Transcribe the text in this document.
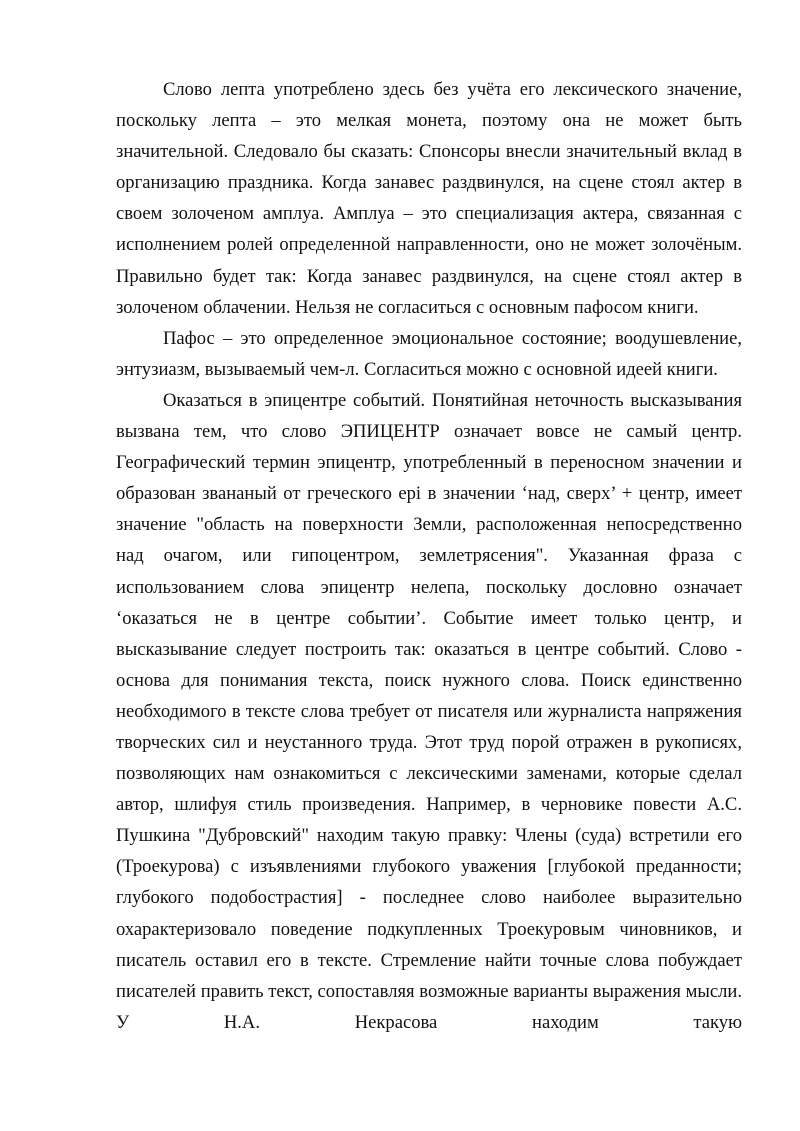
Слово лепта употреблено здесь без учёта его лексического значение, поскольку лепта – это мелкая монета, поэтому она не может быть значительной. Следовало бы сказать: Спонсоры внесли значительный вклад в организацию праздника. Когда занавес раздвинулся, на сцене стоял актер в своем золоченом амплуа. Амплуа – это специализация актера, связанная с исполнением ролей определенной направленности, оно не может золочёным. Правильно будет так: Когда занавес раздвинулся, на сцене стоял актер в золоченом облачении. Нельзя не согласиться с основным пафосом книги.

Пафос – это определенное эмоциональное состояние; воодушевление, энтузиазм, вызываемый чем-л. Согласиться можно с основной идеей книги.

Оказаться в эпицентре событий. Понятийная неточность высказывания вызвана тем, что слово ЭПИЦЕНТР означает вовсе не самый центр. Географический термин эпицентр, употребленный в переносном значении и образован звананый от греческого epi в значении ‘над, сверх’ + центр, имеет значение "область на поверхности Земли, расположенная непосредственно над очагом, или гипоцентром, землетрясения". Указанная фраза с использованием слова эпицентр нелепа, поскольку дословно означает ‘оказаться не в центре событии’. Событие имеет только центр, и высказывание следует построить так: оказаться в центре событий. Слово - основа для понимания текста, поиск нужного слова. Поиск единственно необходимого в тексте слова требует от писателя или журналиста напряжения творческих сил и неустанного труда. Этот труд порой отражен в рукописях, позволяющих нам ознакомиться с лексическими заменами, которые сделал автор, шлифуя стиль произведения. Например, в черновике повести А.С. Пушкина "Дубровский" находим такую правку: Члены (суда) встретили его (Троекурова) с изъявлениями глубокого уважения [глубокой преданности; глубокого подобострастия] - последнее слово наиболее выразительно охарактеризовало поведение подкупленных Троекуровым чиновников, и писатель оставил его в тексте. Стремление найти точные слова побуждает писателей править текст, сопоставляя возможные варианты выражения мысли. У Н.А. Некрасова находим такую
